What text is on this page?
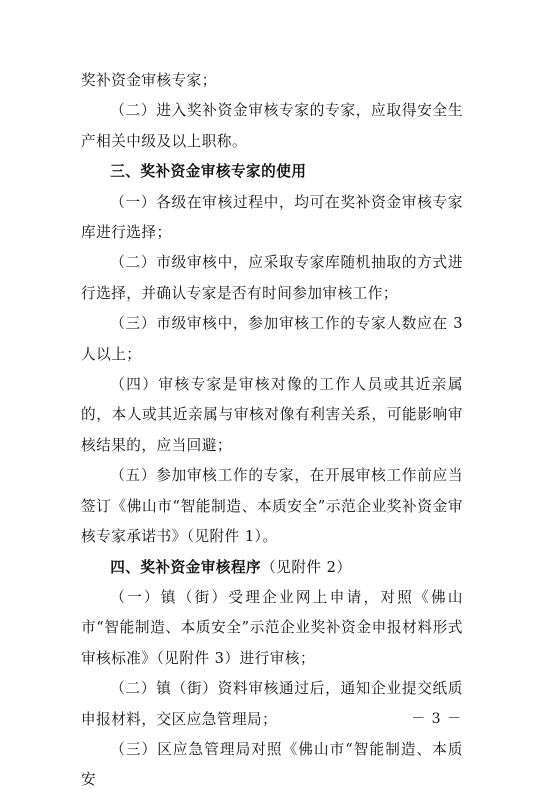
奖补资金审核专家；

（二）进入奖补资金审核专家的专家，应取得安全生产相关中级及以上职称。

三、奖补资金审核专家的使用

（一）各级在审核过程中，均可在奖补资金审核专家库进行选择；

（二）市级审核中，应采取专家库随机抽取的方式进行选择，并确认专家是否有时间参加审核工作；

（三）市级审核中，参加审核工作的专家人数应在 3 人以上；

（四）审核专家是审核对像的工作人员或其近亲属的，本人或其近亲属与审核对像有利害关系，可能影响审核结果的，应当回避；

（五）参加审核工作的专家，在开展审核工作前应当签订《佛山市“智能制造、本质安全”示范企业奖补资金审核专家承诺书》（见附件 1）。

四、奖补资金审核程序（见附件 2）

（一）镇（街）受理企业网上申请，对照《佛山市“智能制造、本质安全”示范企业奖补资金申报材料形式审核标准》（见附件 3）进行审核；

（二）镇（街）资料审核通过后，通知企业提交纸质申报材料，交区应急管理局；

（三）区应急管理局对照《佛山市“智能制造、本质安

－ 3 －
